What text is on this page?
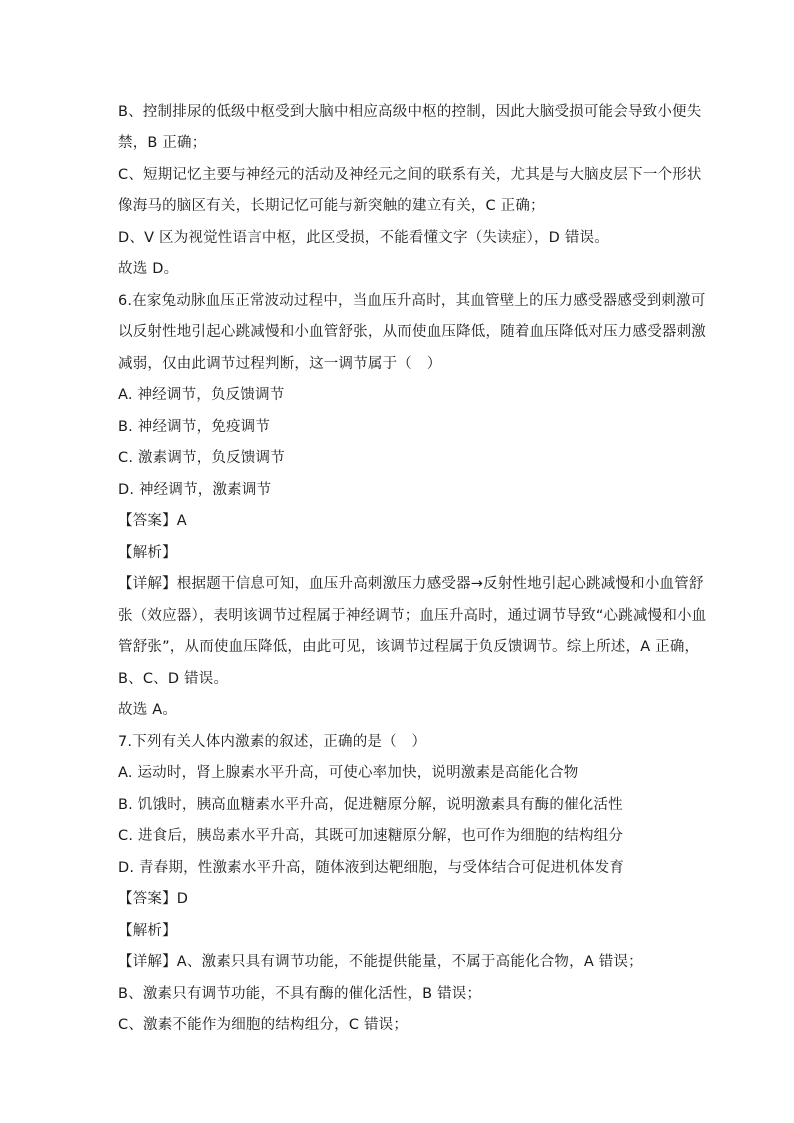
B、控制排尿的低级中枢受到大脑中相应高级中枢的控制，因此大脑受损可能会导致小便失
禁，B 正确；
C、短期记忆主要与神经元的活动及神经元之间的联系有关，尤其是与大脑皮层下一个形状
像海马的脑区有关，长期记忆可能与新突触的建立有关，C 正确；
D、V 区为视觉性语言中枢，此区受损，不能看懂文字（失读症），D 错误。
故选 D。
6.在家兔动脉血压正常波动过程中，当血压升高时，其血管壁上的压力感受器感受到刺激可
以反射性地引起心跳减慢和小血管舒张，从而使血压降低，随着血压降低对压力感受器刺激
减弱，仅由此调节过程判断，这一调节属于（　）
A. 神经调节，负反馈调节
B. 神经调节，免疫调节
C. 激素调节，负反馈调节
D. 神经调节，激素调节
【答案】A
【解析】
【详解】根据题干信息可知，血压升高刺激压力感受器→反射性地引起心跳减慢和小血管舒
张（效应器），表明该调节过程属于神经调节；血压升高时，通过调节导致“心跳减慢和小血
管舒张”，从而使血压降低，由此可见，该调节过程属于负反馈调节。综上所述，A 正确，
B、C、D 错误。
故选 A。
7.下列有关人体内激素的叙述，正确的是（　）
A. 运动时，肾上腺素水平升高，可使心率加快，说明激素是高能化合物
B. 饥饿时，胰高血糖素水平升高，促进糖原分解，说明激素具有酶的催化活性
C. 进食后，胰岛素水平升高，其既可加速糖原分解，也可作为细胞的结构组分
D. 青春期，性激素水平升高，随体液到达靶细胞，与受体结合可促进机体发育
【答案】D
【解析】
【详解】A、激素只具有调节功能，不能提供能量，不属于高能化合物，A 错误；
B、激素只有调节功能，不具有酶的催化活性，B 错误；
C、激素不能作为细胞的结构组分，C 错误；
